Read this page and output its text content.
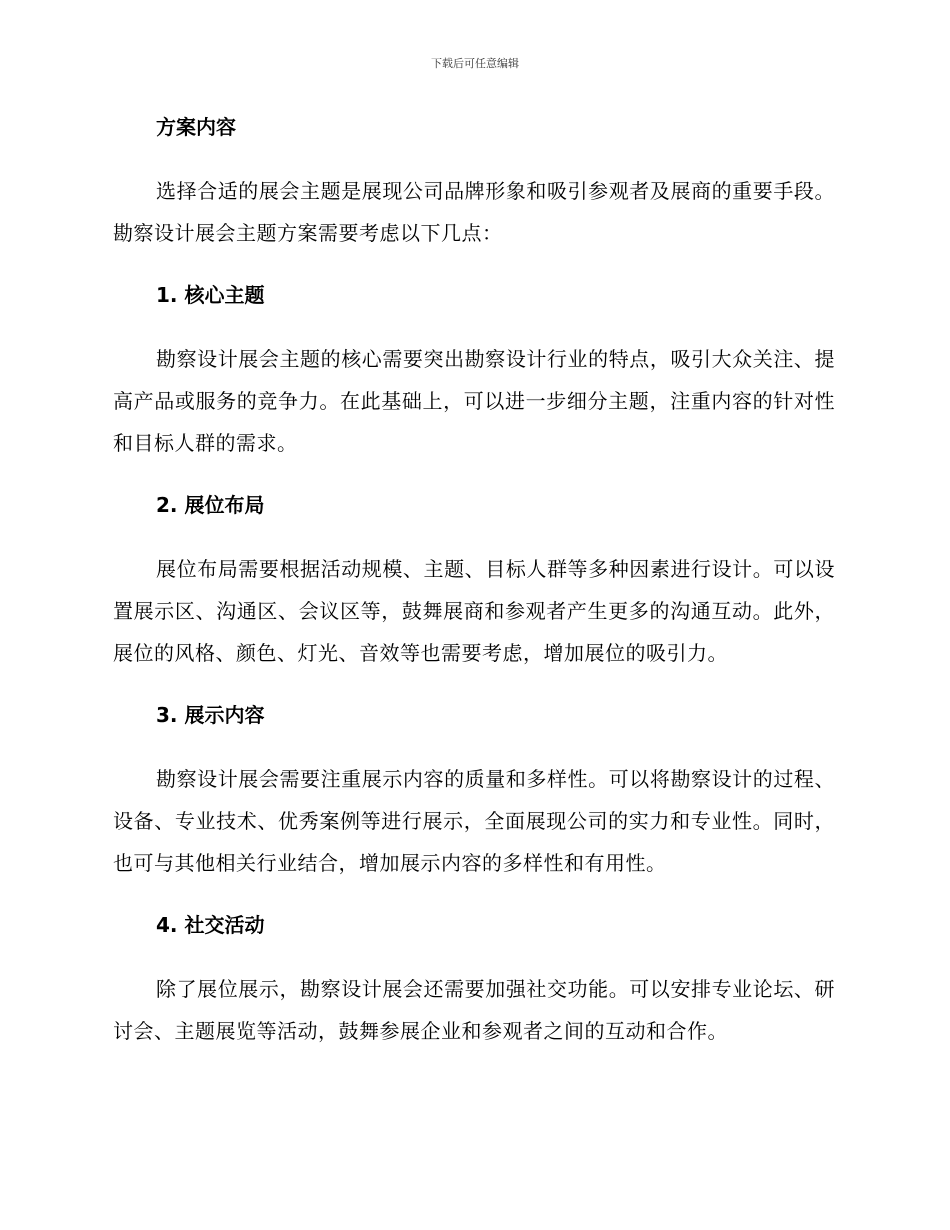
下载后可任意编辑

方案内容

选择合适的展会主题是展现公司品牌形象和吸引参观者及展商的重要手段。勘察设计展会主题方案需要考虑以下几点：

1. 核心主题

勘察设计展会主题的核心需要突出勘察设计行业的特点，吸引大众关注、提高产品或服务的竞争力。在此基础上，可以进一步细分主题，注重内容的针对性和目标人群的需求。

2. 展位布局

展位布局需要根据活动规模、主题、目标人群等多种因素进行设计。可以设置展示区、沟通区、会议区等，鼓舞展商和参观者产生更多的沟通互动。此外，展位的风格、颜色、灯光、音效等也需要考虑，增加展位的吸引力。

3. 展示内容

勘察设计展会需要注重展示内容的质量和多样性。可以将勘察设计的过程、设备、专业技术、优秀案例等进行展示，全面展现公司的实力和专业性。同时，也可与其他相关行业结合，增加展示内容的多样性和有用性。

4. 社交活动

除了展位展示，勘察设计展会还需要加强社交功能。可以安排专业论坛、研讨会、主题展览等活动，鼓舞参展企业和参观者之间的互动和合作。
